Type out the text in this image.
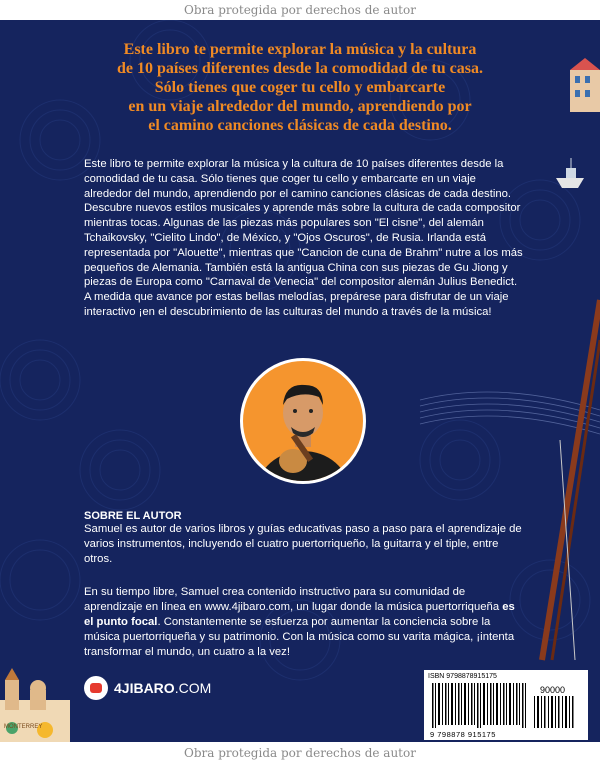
Obra protegida por derechos de autor
Este libro te permite explorar la música y la cultura
de 10 países diferentes desde la comodidad de tu casa.
Sólo tienes que coger tu cello y embarcarte
en un viaje alrededor del mundo, aprendiendo por
el camino canciones clásicas de cada destino.
Este libro te permite explorar la música y la cultura de 10 países diferentes desde la comodidad de tu casa. Sólo tienes que coger tu cello y embarcarte en un viaje alrededor del mundo, aprendiendo por el camino canciones clásicas de cada destino. Descubre nuevos estilos musicales y aprende más sobre la cultura de cada compositor mientras tocas. Algunas de las piezas más populares son "El cisne", del alemán Tchaikovsky, "Cielito Lindo", de México, y "Ojos Oscuros", de Rusia. Irlanda está representada por "Alouette", mientras que "Cancion de cuna de Brahm" nutre a los más pequeños de Alemania. También está la antigua China con sus piezas de Gu Jiong y piezas de Europa como "Carnaval de Venecia" del compositor alemán Julius Benedict. A medida que avance por estas bellas melodías, prepárese para disfrutar de un viaje interactivo ¡en el descubrimiento de las culturas del mundo a través de la música!
SOBRE EL AUTOR
Samuel es autor de varios libros y guías educativas paso a paso para el aprendizaje de varios instrumentos, incluyendo el cuatro puertorriqueño, la guitarra y el tiple, entre otros.
En su tiempo libre, Samuel crea contenido instructivo para su comunidad de aprendizaje en línea en www.4jibaro.com, un lugar donde la música puertorriqueña es el punto focal. Constantemente se esfuerza por aumentar la conciencia sobre la música puertorriqueña y su patrimonio. Con la música como su varita mágica, ¡intenta transformar el mundo, un cuatro a la vez!
4JIBARO.COM
ISBN 9798878915175
90000
9 798878 915175
MONTERREY
Obra protegida por derechos de autor
